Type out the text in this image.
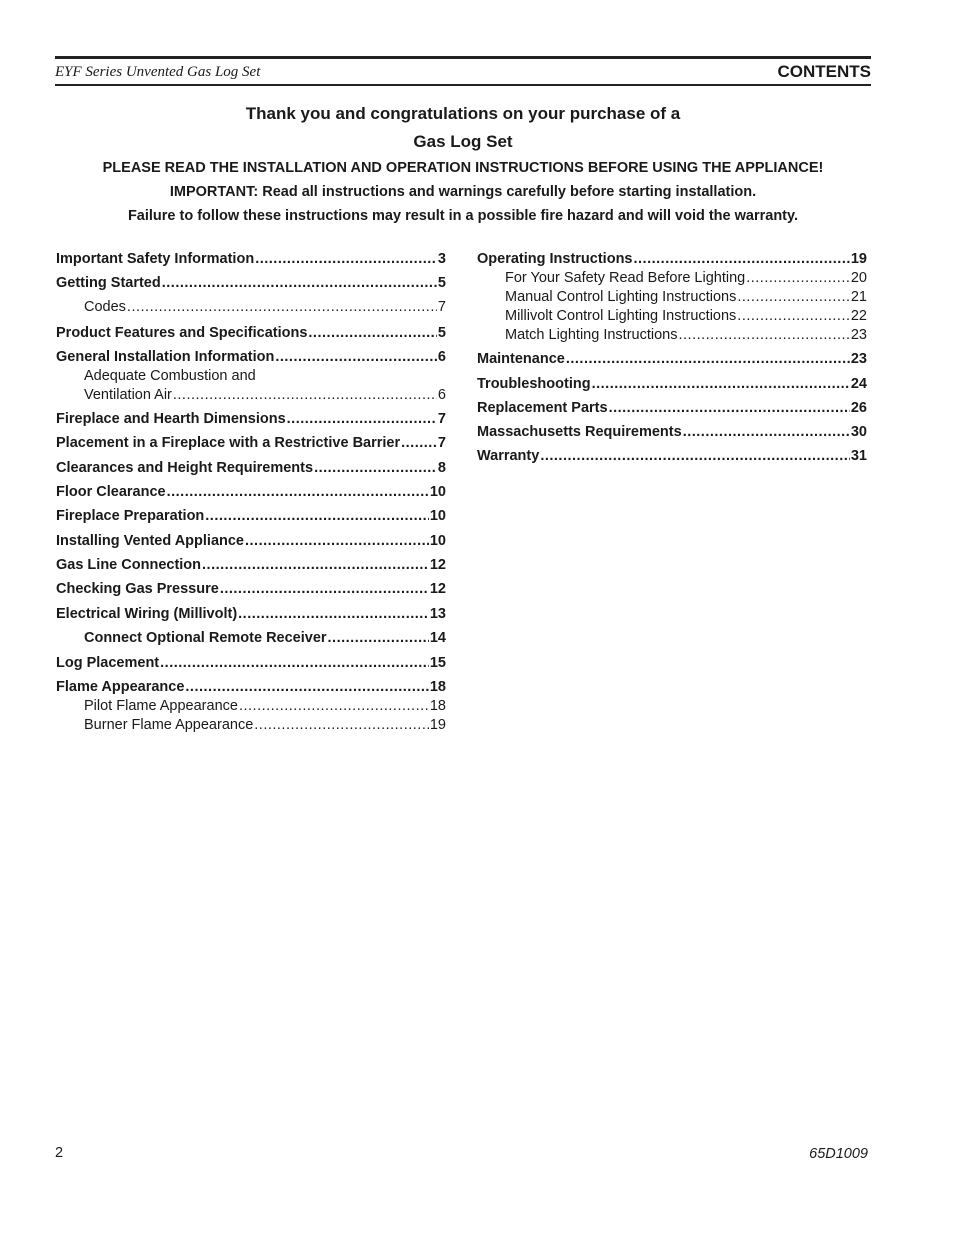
EYF Series Unvented Gas Log Set	CONTENTS
Thank you and congratulations on your purchase of a
Gas Log Set
PLEASE READ THE INSTALLATION AND OPERATION INSTRUCTIONS BEFORE USING THE APPLIANCE!
IMPORTANT: Read all instructions and warnings carefully before starting installation.
Failure to follow these instructions may result in a possible fire hazard and will void the warranty.
Important Safety Information .....	3
Getting Started .....	5
Codes .....	7
Product Features and Specifications .....	5
General Installation Information .....	6
Adequate Combustion and
Ventilation Air .....	6
Fireplace and Hearth Dimensions .....	7
Placement in a Fireplace with a Restrictive Barrier .....	7
Clearances and Height Requirements .....	8
Floor Clearance .....	10
Fireplace Preparation .....	10
Installing Vented Appliance .....	10
Gas Line Connection .....	12
Checking Gas Pressure .....	12
Electrical Wiring (Millivolt) .....	13
Connect Optional Remote Receiver .....	14
Log Placement .....	15
Flame Appearance .....	18
Pilot Flame Appearance .....	18
Burner Flame Appearance .....	19
Operating Instructions .....	19
For Your Safety Read Before Lighting .....	20
Manual Control Lighting Instructions .....	21
Millivolt Control Lighting Instructions .....	22
Match Lighting Instructions .....	23
Maintenance .....	23
Troubleshooting .....	24
Replacement Parts .....	26
Massachusetts Requirements .....	30
Warranty .....	31
2	65D1009
